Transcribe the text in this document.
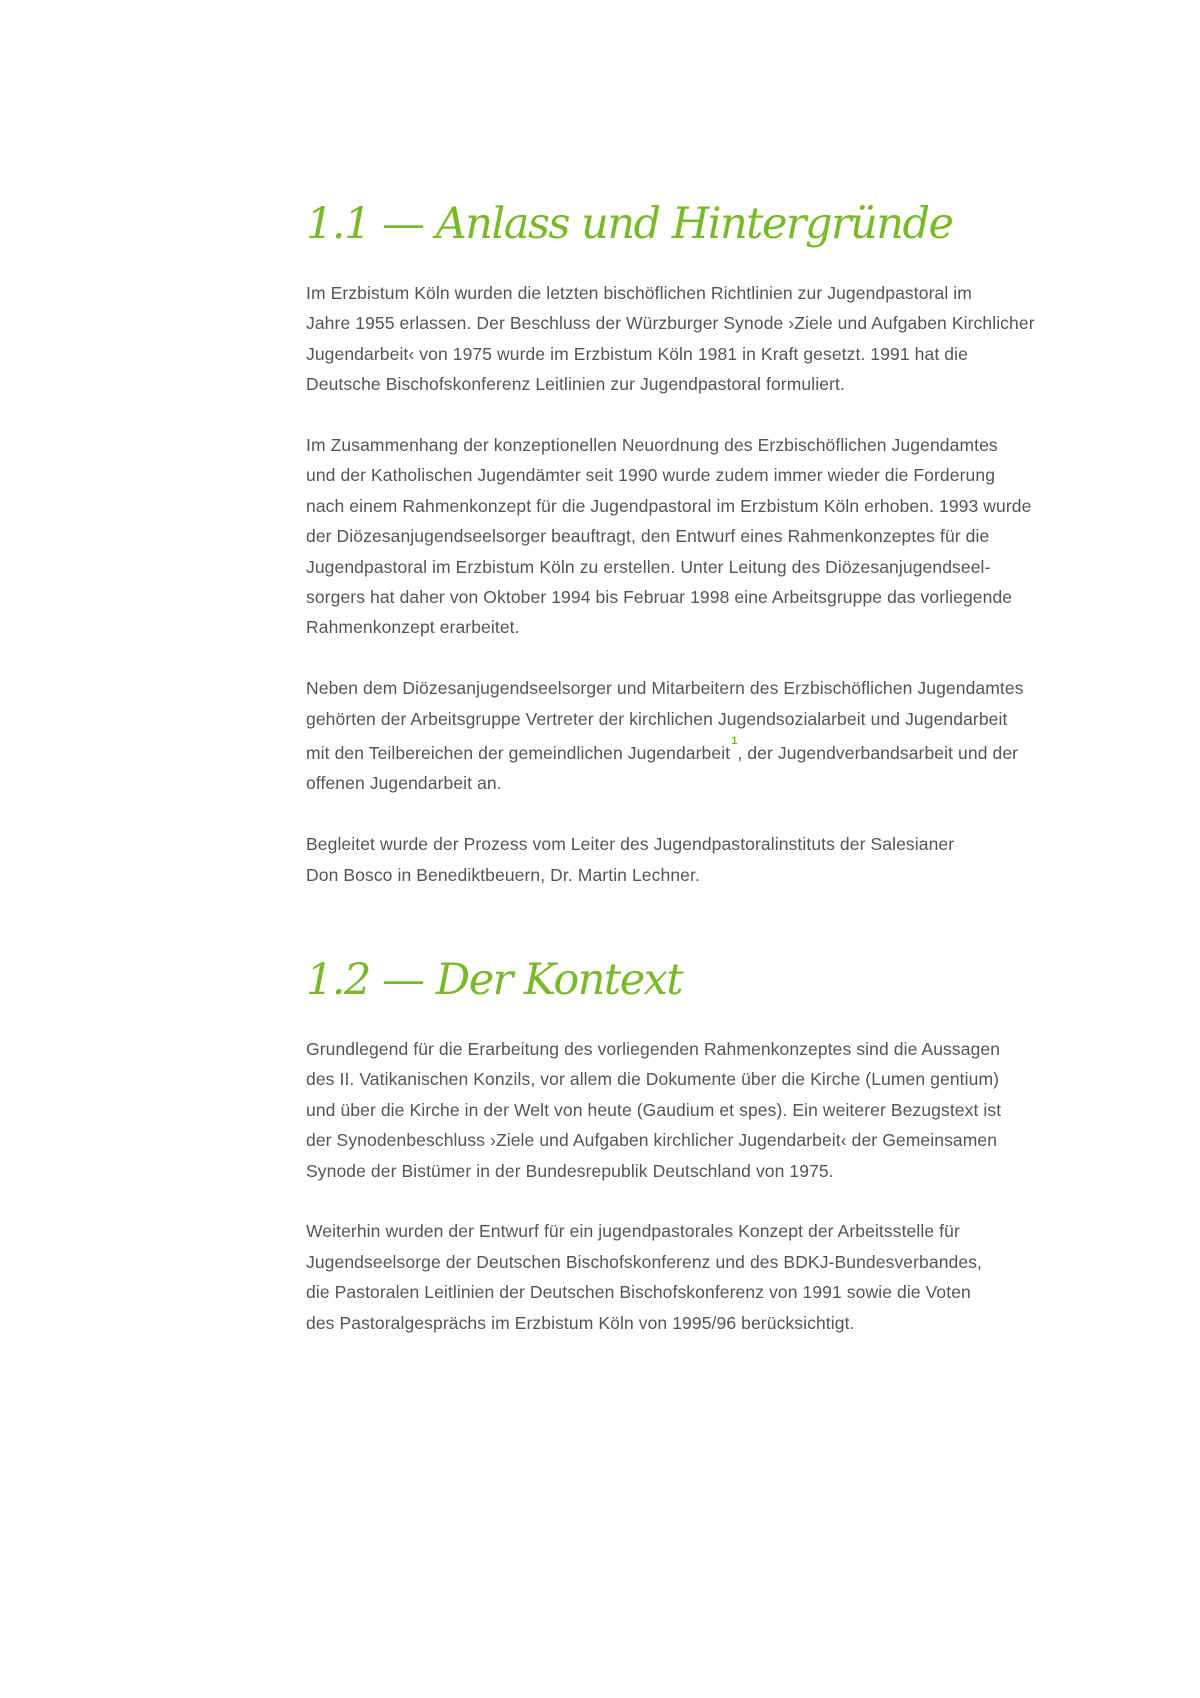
1.1 — Anlass und Hintergründe

Im Erzbistum Köln wurden die letzten bischöflichen Richtlinien zur Jugendpastoral im
Jahre 1955 erlassen. Der Beschluss der Würzburger Synode ›Ziele und Aufgaben Kirchlicher
Jugendarbeit‹ von 1975 wurde im Erzbistum Köln 1981 in Kraft gesetzt. 1991 hat die
Deutsche Bischofskonferenz Leitlinien zur Jugendpastoral formuliert.

Im Zusammenhang der konzeptionellen Neuordnung des Erzbischöflichen Jugendamtes
und der Katholischen Jugendämter seit 1990 wurde zudem immer wieder die Forderung
nach einem Rahmenkonzept für die Jugendpastoral im Erzbistum Köln erhoben. 1993 wurde
der Diözesanjugendseelsorger beauftragt, den Entwurf eines Rahmenkonzeptes für die
Jugendpastoral im Erzbistum Köln zu erstellen. Unter Leitung des Diözesanjugendseel-
sorgers hat daher von Oktober 1994 bis Februar 1998 eine Arbeitsgruppe das vorliegende
Rahmenkonzept erarbeitet.

Neben dem Diözesanjugendseelsorger und Mitarbeitern des Erzbischöflichen Jugendamtes
gehörten der Arbeitsgruppe Vertreter der kirchlichen Jugendsozialarbeit und Jugendarbeit
mit den Teilbereichen der gemeindlichen Jugendarbeit$^1$, der Jugendverbandsarbeit und der
offenen Jugendarbeit an.

Begleitet wurde der Prozess vom Leiter des Jugendpastoralinstituts der Salesianer
Don Bosco in Benediktbeuern, Dr. Martin Lechner.

1.2 — Der Kontext

Grundlegend für die Erarbeitung des vorliegenden Rahmenkonzeptes sind die Aussagen
des II. Vatikanischen Konzils, vor allem die Dokumente über die Kirche (Lumen gentium)
und über die Kirche in der Welt von heute (Gaudium et spes). Ein weiterer Bezugstext ist
der Synodenbeschluss ›Ziele und Aufgaben kirchlicher Jugendarbeit‹ der Gemeinsamen
Synode der Bistümer in der Bundesrepublik Deutschland von 1975.

Weiterhin wurden der Entwurf für ein jugendpastorales Konzept der Arbeitsstelle für
Jugendseelsorge der Deutschen Bischofskonferenz und des BDKJ-Bundesverbandes,
die Pastoralen Leitlinien der Deutschen Bischofskonferenz von 1991 sowie die Voten
des Pastoralgesprächs im Erzbistum Köln von 1995/96 berücksichtigt.
